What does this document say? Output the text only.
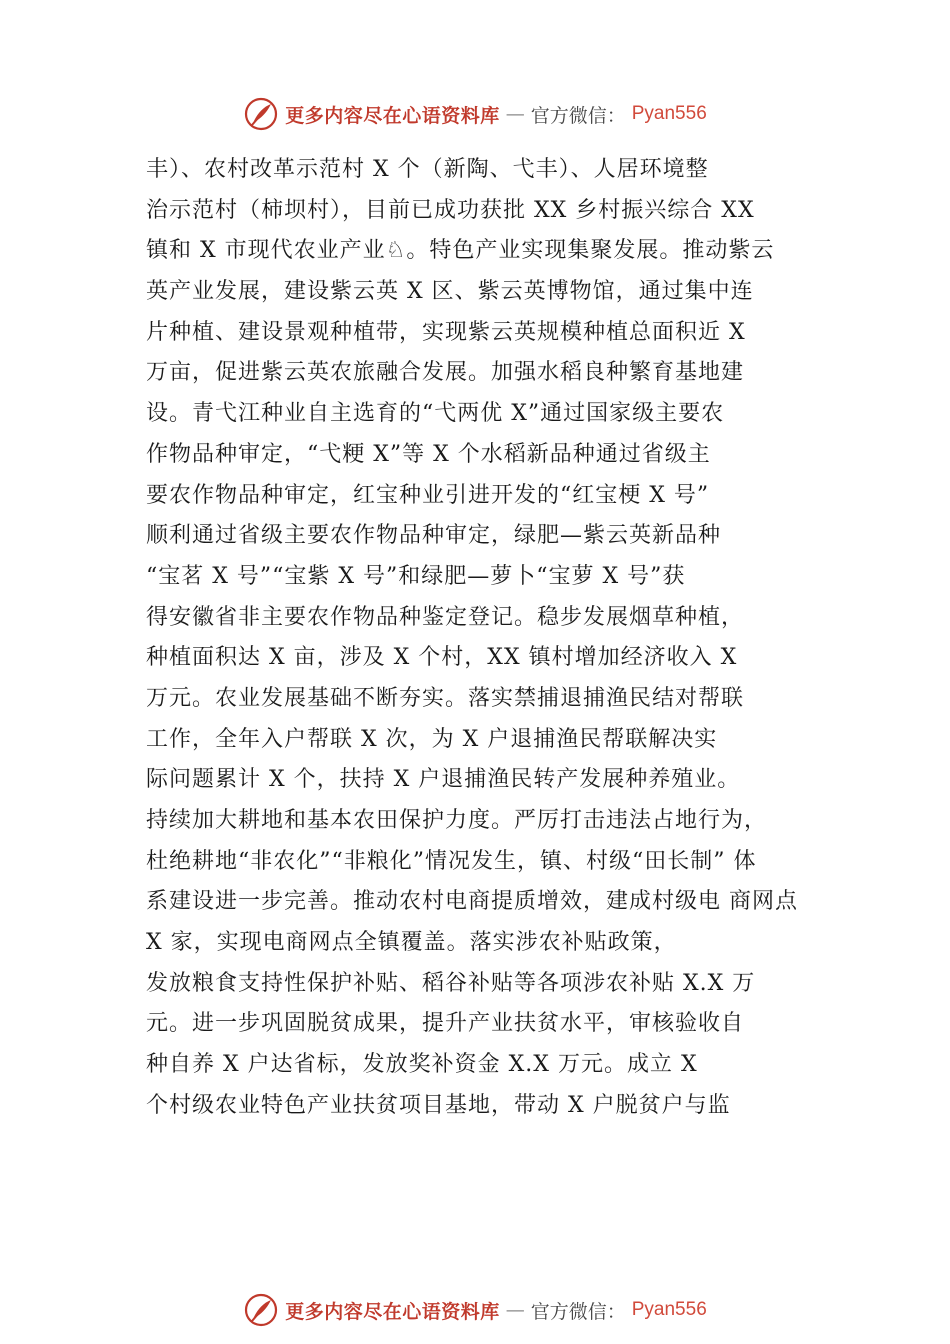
更多内容尽在心语资料库 — 官方微信： Pyan556
丰）、农村改革示范村 X 个（新陶、弋丰）、人居环境整
治示范村（柿坝村），目前已成功获批 XX 乡村振兴综合 XX
镇和 X 市现代农业产业♘。特色产业实现集聚发展。推动紫云
英产业发展，建设紫云英 X 区、紫云英博物馆，通过集中连
片种植、建设景观种植带，实现紫云英规模种植总面积近 X
万亩，促进紫云英农旅融合发展。加强水稻良种繁育基地建
设。青弋江种业自主选育的“弋两优 X”通过国家级主要农
作物品种审定，“弋粳 X”等 X 个水稻新品种通过省级主
要农作物品种审定，红宝种业引进开发的“红宝梗 X 号”
顺利通过省级主要农作物品种审定，绿肥—紫云英新品种
“宝茗 X 号”“宝紫 X 号”和绿肥—萝卜“宝萝 X 号”获
得安徽省非主要农作物品种鉴定登记。稳步发展烟草种植，
种植面积达 X 亩，涉及 X 个村，XX 镇村增加经济收入 X
万元。农业发展基础不断夯实。落实禁捕退捕渔民结对帮联
工作，全年入户帮联 X 次，为 X 户退捕渔民帮联解决实
际问题累计 X 个，扶持 X 户退捕渔民转产发展种养殖业。
持续加大耕地和基本农田保护力度。严厉打击违法占地行为，
杜绝耕地“非农化”“非粮化”情况发生，镇、村级“田长制” 体
系建设进一步完善。推动农村电商提质增效，建成村级电 商网点
X 家，实现电商网点全镇覆盖。落实涉农补贴政策，
发放粮食支持性保护补贴、稻谷补贴等各项涉农补贴 X.X 万
元。进一步巩固脱贫成果，提升产业扶贫水平，审核验收自
种自养 X 户达省标，发放奖补资金 X.X 万元。成立 X
个村级农业特色产业扶贫项目基地，带动 X 户脱贫户与监
更多内容尽在心语资料库 — 官方微信： Pyan556
